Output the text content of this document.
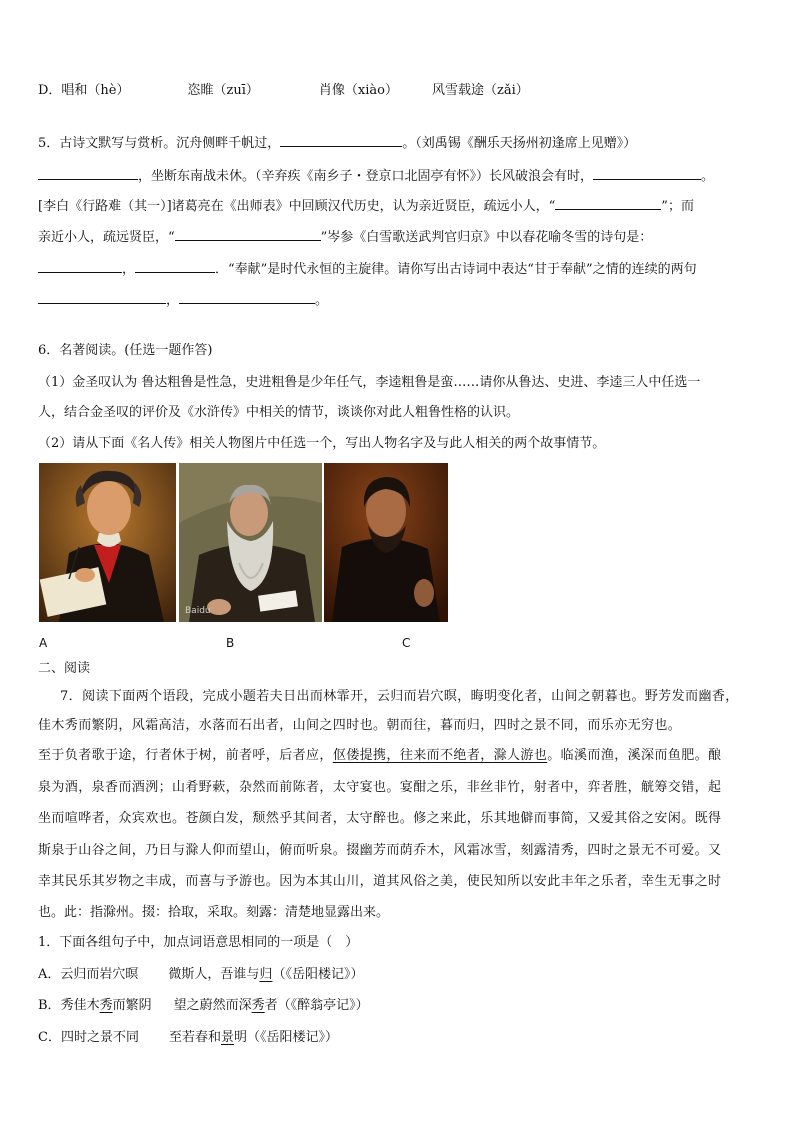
D．唱和（hè）	恣睢（zuī）	肖像（xiào）	风雪载途（zǎi）
5．古诗文默写与赏析。沉舟侧畔千帆过，	。（刘禹锡《酬乐天扬州初逢席上见赠》）
，坐断东南战未休。（辛弃疾《南乡子・登京口北固亭有怀》）长风破浪会有时，	。
[李白《行路难（其一）]诸葛亮在《出师表》中回顾汉代历史，认为亲近贤臣，疏远小人，“	”；而
亲近小人，疏远贤臣，“	”岑参《白雪歌送武判官归京》中以春花喻冬雪的诗句是：
，	．“奉献”是时代永恒的主旋律。请你写出古诗词中表达“甘于奉献”之情的连续的两句
，	。
6．名著阅读。(任选一题作答)
（1）金圣叹认为 鲁达粗鲁是性急，史进粗鲁是少年任气，李逵粗鲁是蛮……请你从鲁达、史进、李逵三人中任选一
人，结合金圣叹的评价及《水浒传》中相关的情节，谈谈你对此人粗鲁性格的认识。
（2）请从下面《名人传》相关人物图片中任选一个，写出人物名字及与此人相关的两个故事情节。
Baidu
A	B	C
二、阅读
7．阅读下面两个语段，完成小题若夫日出而林霏开，云归而岩穴暝，晦明变化者，山间之朝暮也。野芳发而幽香，
佳木秀而繁阴，风霜高洁，水落而石出者，山间之四时也。朝而往，暮而归，四时之景不同，而乐亦无穷也。
至于负者歌于途，行者休于树，前者呼，后者应，伛偻提携，往来而不绝者，滁人游也。临溪而渔，溪深而鱼肥。酿
泉为酒，泉香而酒洌；山肴野蔌，杂然而前陈者，太守宴也。宴酣之乐，非丝非竹，射者中，弈者胜，觥筹交错，起
坐而喧哗者，众宾欢也。苍颜白发，颓然乎其间者，太守醉也。修之来此，乐其地僻而事简，又爱其俗之安闲。既得
斯泉于山谷之间，乃日与滁人仰而望山，俯而听泉。掇幽芳而荫乔木，风霜冰雪，刻露清秀，四时之景无不可爱。又
幸其民乐其岁物之丰成，而喜与予游也。因为本其山川，道其风俗之美，使民知所以安此丰年之乐者，幸生无事之时
也。此：指滁州。掇：拾取，采取。刻露：清楚地显露出来。
1．下面各组句子中，加点词语意思相同的一项是（　）
A．云归而岩穴暝 微斯人，吾谁与归（《岳阳楼记》）
B．秀佳木秀而繁阴 望之蔚然而深秀者（《醉翁亭记》）
C．四时之景不同 至若春和景明（《岳阳楼记》）
